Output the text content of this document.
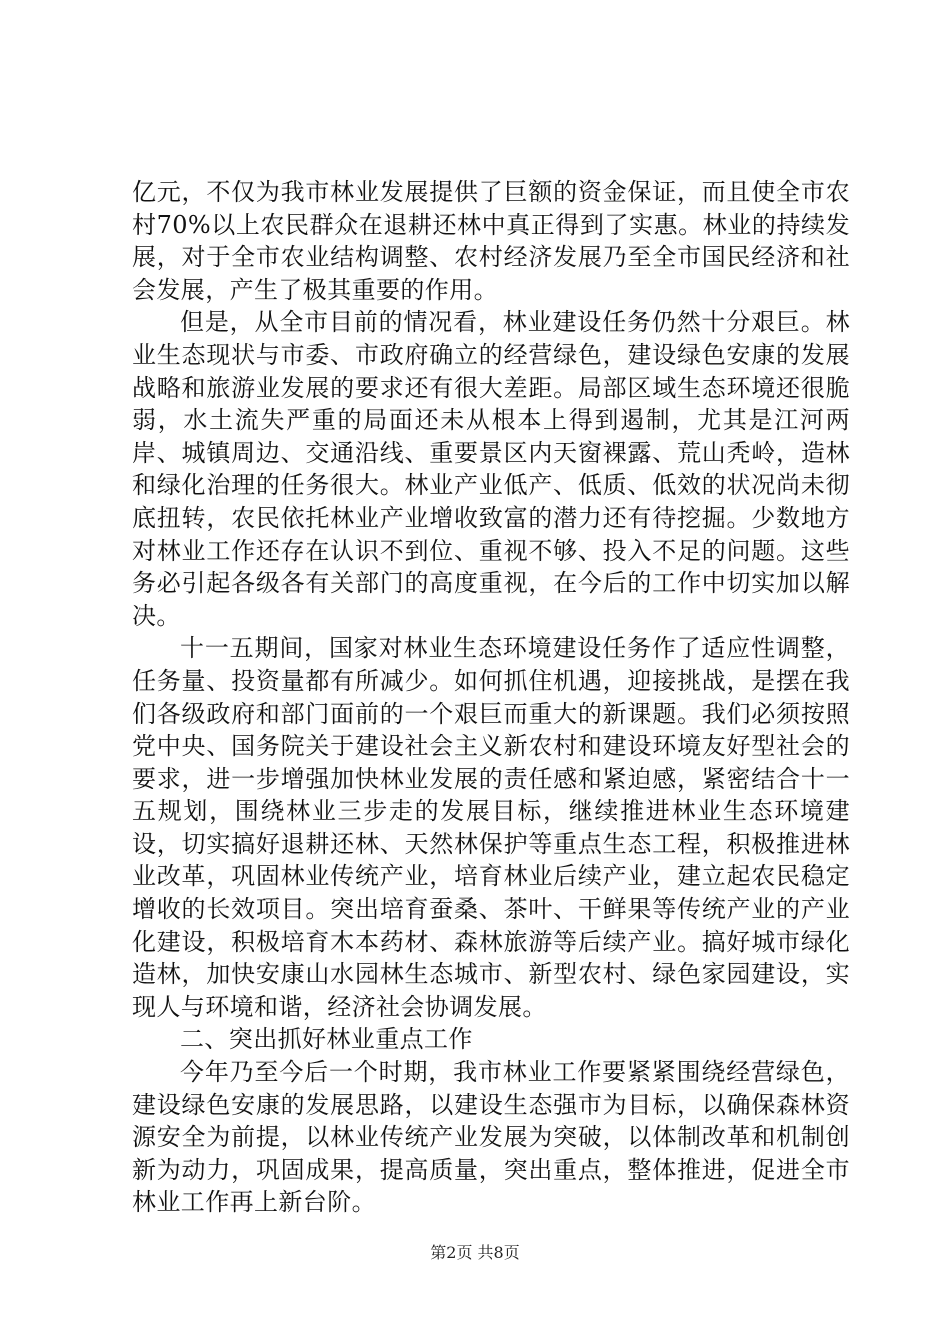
亿元，不仅为我市林业发展提供了巨额的资金保证，而且使全市农村70%以上农民群众在退耕还林中真正得到了实惠。林业的持续发展，对于全市农业结构调整、农村经济发展乃至全市国民经济和社会发展，产生了极其重要的作用。

但是，从全市目前的情况看，林业建设任务仍然十分艰巨。林业生态现状与市委、市政府确立的经营绿色，建设绿色安康的发展战略和旅游业发展的要求还有很大差距。局部区域生态环境还很脆弱，水土流失严重的局面还未从根本上得到遏制，尤其是江河两岸、城镇周边、交通沿线、重要景区内天窗裸露、荒山秃岭，造林和绿化治理的任务很大。林业产业低产、低质、低效的状况尚未彻底扭转，农民依托林业产业增收致富的潜力还有待挖掘。少数地方对林业工作还存在认识不到位、重视不够、投入不足的问题。这些务必引起各级各有关部门的高度重视，在今后的工作中切实加以解决。

十一五期间，国家对林业生态环境建设任务作了适应性调整，任务量、投资量都有所减少。如何抓住机遇，迎接挑战，是摆在我们各级政府和部门面前的一个艰巨而重大的新课题。我们必须按照党中央、国务院关于建设社会主义新农村和建设环境友好型社会的要求，进一步增强加快林业发展的责任感和紧迫感，紧密结合十一五规划，围绕林业三步走的发展目标，继续推进林业生态环境建设，切实搞好退耕还林、天然林保护等重点生态工程，积极推进林业改革，巩固林业传统产业，培育林业后续产业，建立起农民稳定增收的长效项目。突出培育蚕桑、茶叶、干鲜果等传统产业的产业化建设，积极培育木本药材、森林旅游等后续产业。搞好城市绿化造林，加快安康山水园林生态城市、新型农村、绿色家园建设，实现人与环境和谐，经济社会协调发展。

二、突出抓好林业重点工作

今年乃至今后一个时期，我市林业工作要紧紧围绕经营绿色，建设绿色安康的发展思路，以建设生态强市为目标，以确保森林资源安全为前提，以林业传统产业发展为突破，以体制改革和机制创新为动力，巩固成果，提高质量，突出重点，整体推进，促进全市林业工作再上新台阶。

第2页 共8页
